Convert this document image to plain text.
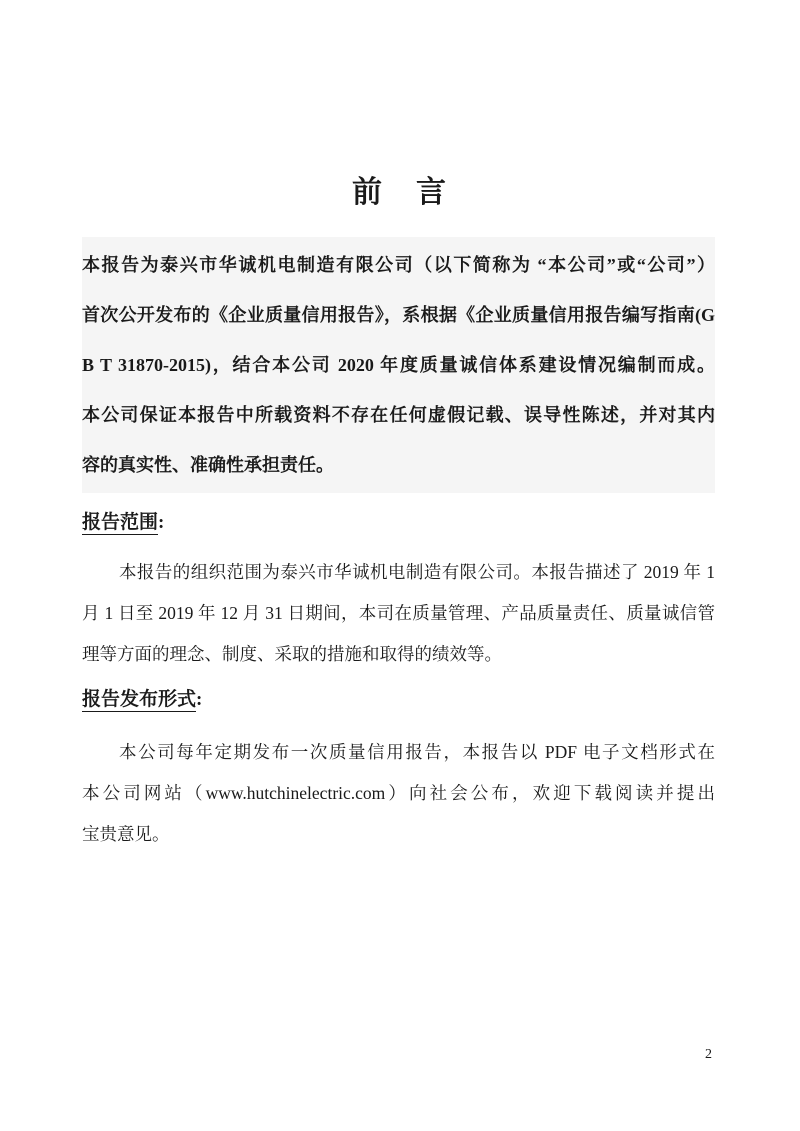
前　言
本报告为泰兴市华诚机电制造有限公司（以下简称为 “本公司”或“公司”）
首次公开发布的《企业质量信用报告》，系根据《企业质量信用报告编写指南(G
B T 31870-2015)，结合本公司 2020 年度质量诚信体系建设情况编制而成。
本公司保证本报告中所载资料不存在任何虚假记载、误导性陈述，并对其内
容的真实性、准确性承担责任。
报告范围:
本报告的组织范围为泰兴市华诚机电制造有限公司。本报告描述了 2019 年 1
月 1 日至 2019 年 12 月 31 日期间，本司在质量管理、产品质量责任、质量诚信管
理等方面的理念、制度、采取的措施和取得的绩效等。
报告发布形式:
本公司每年定期发布一次质量信用报告，本报告以 PDF 电子文档形式在
本公司网站（www.hutchinelectric.com）向社会公布，欢迎下载阅读并提出
宝贵意见。
2
